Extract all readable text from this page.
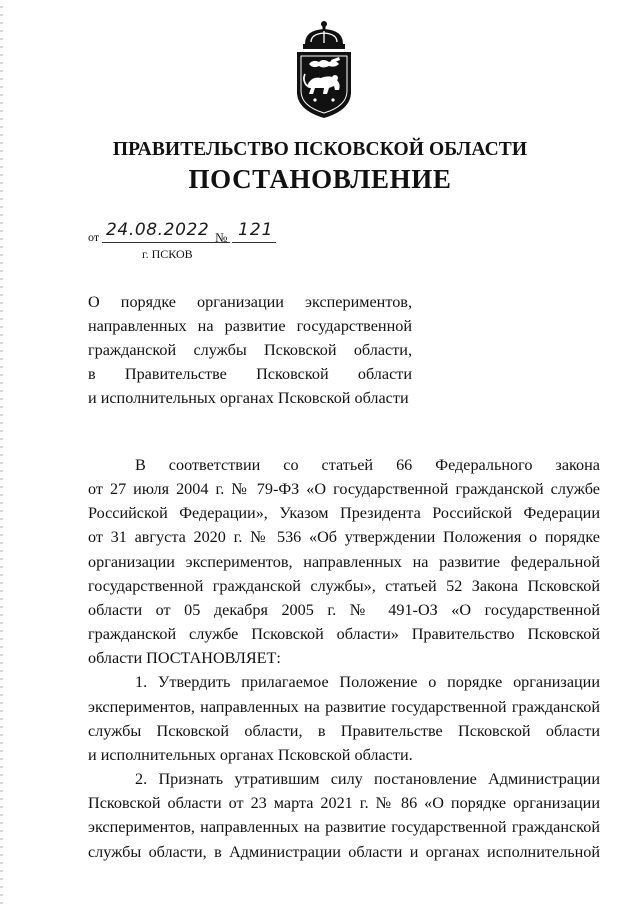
ПРАВИТЕЛЬСТВО ПСКОВСКОЙ ОБЛАСТИ
ПОСТАНОВЛЕНИЕ
от 24.08.2022 № 121
г. ПСКОВ
О порядке организации экспериментов,
направленных на развитие государственной
гражданской службы Псковской области,
в Правительстве Псковской области
и исполнительных органах Псковской области
В соответствии со статьей 66 Федерального закона
от 27 июля 2004 г. № 79-ФЗ «О государственной гражданской службе
Российской Федерации», Указом Президента Российской Федерации
от 31 августа 2020 г. № 536 «Об утверждении Положения о порядке
организации экспериментов, направленных на развитие федеральной
государственной гражданской службы», статьей 52 Закона Псковской
области от 05 декабря 2005 г. № 491-ОЗ «О государственной
гражданской службе Псковской области» Правительство Псковской
области ПОСТАНОВЛЯЕТ:
1. Утвердить прилагаемое Положение о порядке организации
экспериментов, направленных на развитие государственной гражданской
службы Псковской области, в Правительстве Псковской области
и исполнительных органах Псковской области.
2. Признать утратившим силу постановление Администрации
Псковской области от 23 марта 2021 г. № 86 «О порядке организации
экспериментов, направленных на развитие государственной гражданской
службы области, в Администрации области и органах исполнительной
